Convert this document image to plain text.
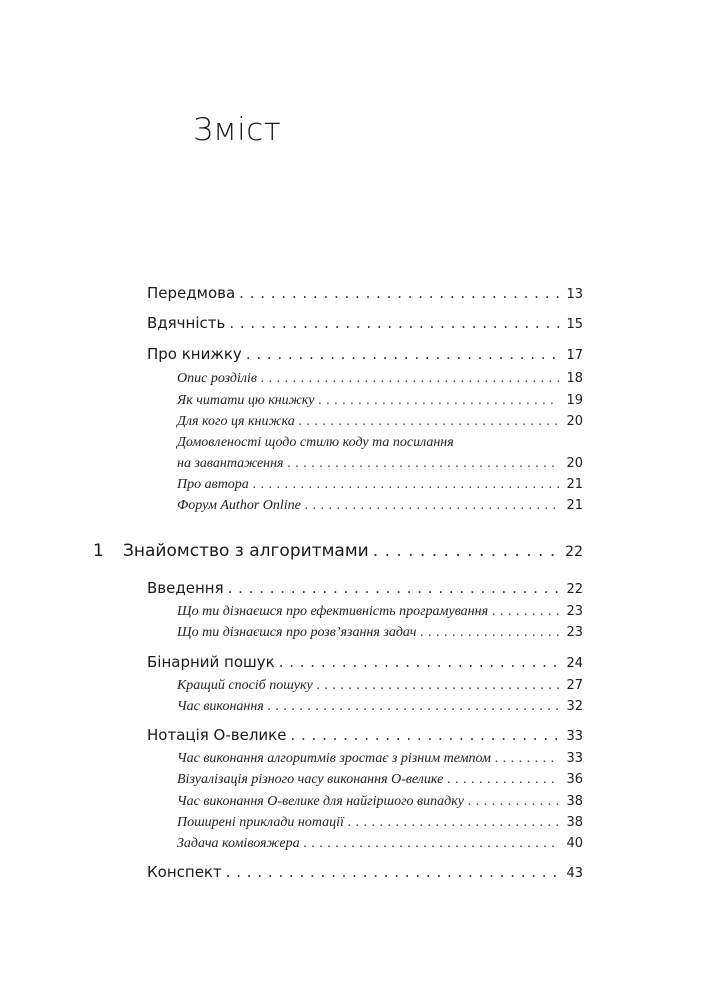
Зміст
Передмова . . .	13
Вдячність . . .	15
Про книжку . . .	17
Опис розділів . . .	18
Як читати цю книжку . . .	19
Для кого ця книжка . . .	20
Домовленості щодо стилю коду та посилання
на завантаження . . .	20
Про автора . . .	21
Форум Author Online . . .	21
1	Знайомство з алгоритмами . . .	22
Введення . . .	22
Що ти дізнаєшся про ефективність програмування . . .	23
Що ти дізнаєшся про розв’язання задач . . .	23
Бінарний пошук . . .	24
Кращий спосіб пошуку . . .	27
Час виконання . . .	32
Нотація О-велике . . .	33
Час виконання алгоритмів зростає з різним темпом . . .	33
Візуалізація різного часу виконання О-велике . . .	36
Час виконання О-велике для найгіршого випадку . . .	38
Поширені приклади нотації . . .	38
Задача комівояжера . . .	40
Конспект . . .	43
